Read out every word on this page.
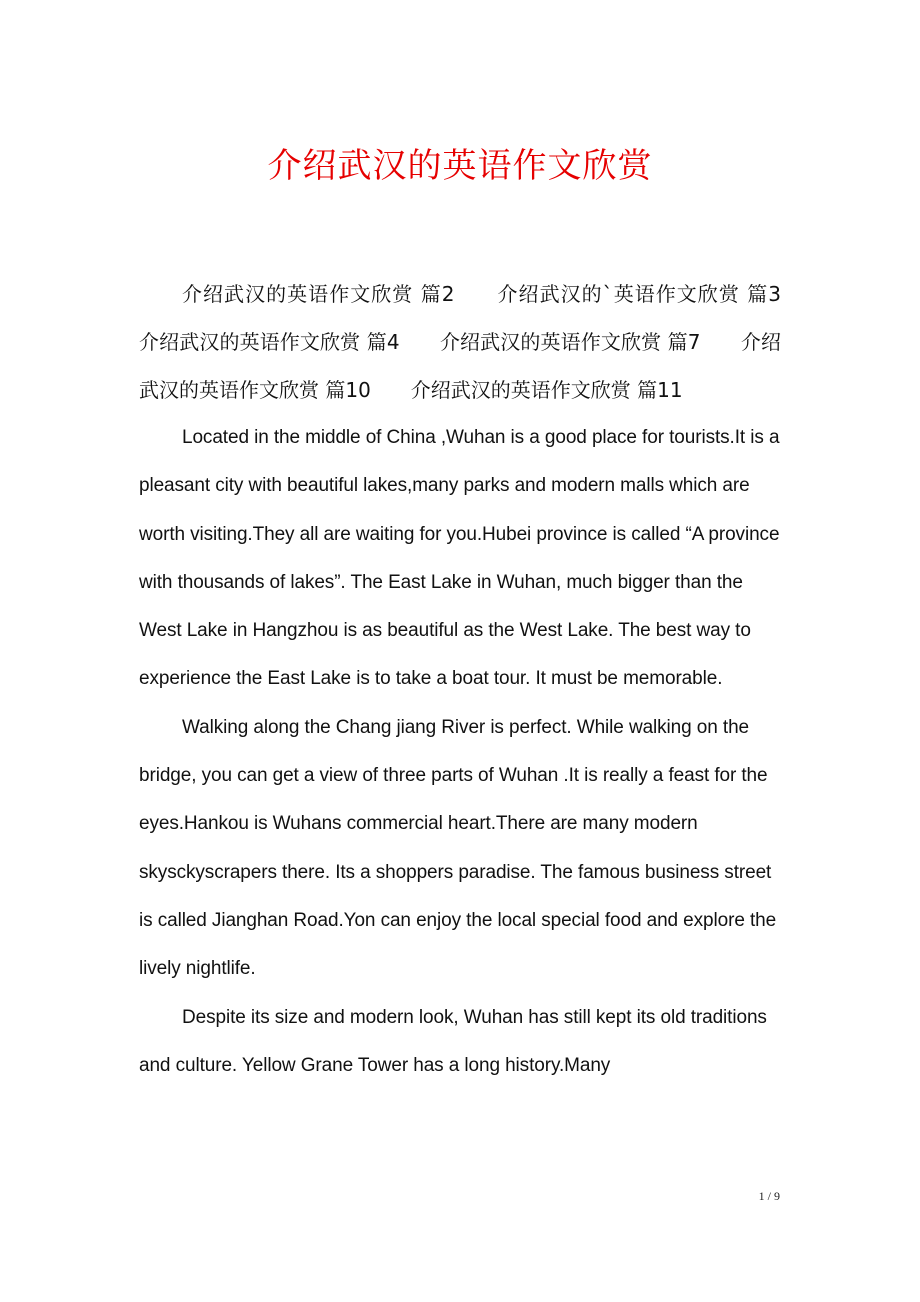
介绍武汉的英语作文欣赏

介绍武汉的英语作文欣赏 篇2　　介绍武汉的`英语作文欣赏 篇3　　介绍武汉的英语作文欣赏 篇4　　介绍武汉的英语作文欣赏 篇7　　介绍武汉的英语作文欣赏 篇10　　介绍武汉的英语作文欣赏 篇11

Located in the middle of China ,Wuhan is a good place for tourists.It is a pleasant city with beautiful lakes,many parks and modern malls which are worth visiting.They all are waiting for you.Hubei province is called “A province with thousands of lakes”. The East Lake in Wuhan, much bigger than the West Lake in Hangzhou is as beautiful as the West Lake. The best way to experience the East Lake is to take a boat tour. It must be memorable.

Walking along the Chang jiang River is perfect. While walking on the bridge, you can get a view of three parts of Wuhan .It is really a feast for the eyes.Hankou is Wuhans commercial heart.There are many modern skysckyscrapers there. Its a shoppers paradise. The famous business street is called Jianghan Road.Yon can enjoy the local special food and explore the lively nightlife.

Despite its size and modern look, Wuhan has still kept its old traditions and culture. Yellow Grane Tower has a long history.Many

1 / 9
